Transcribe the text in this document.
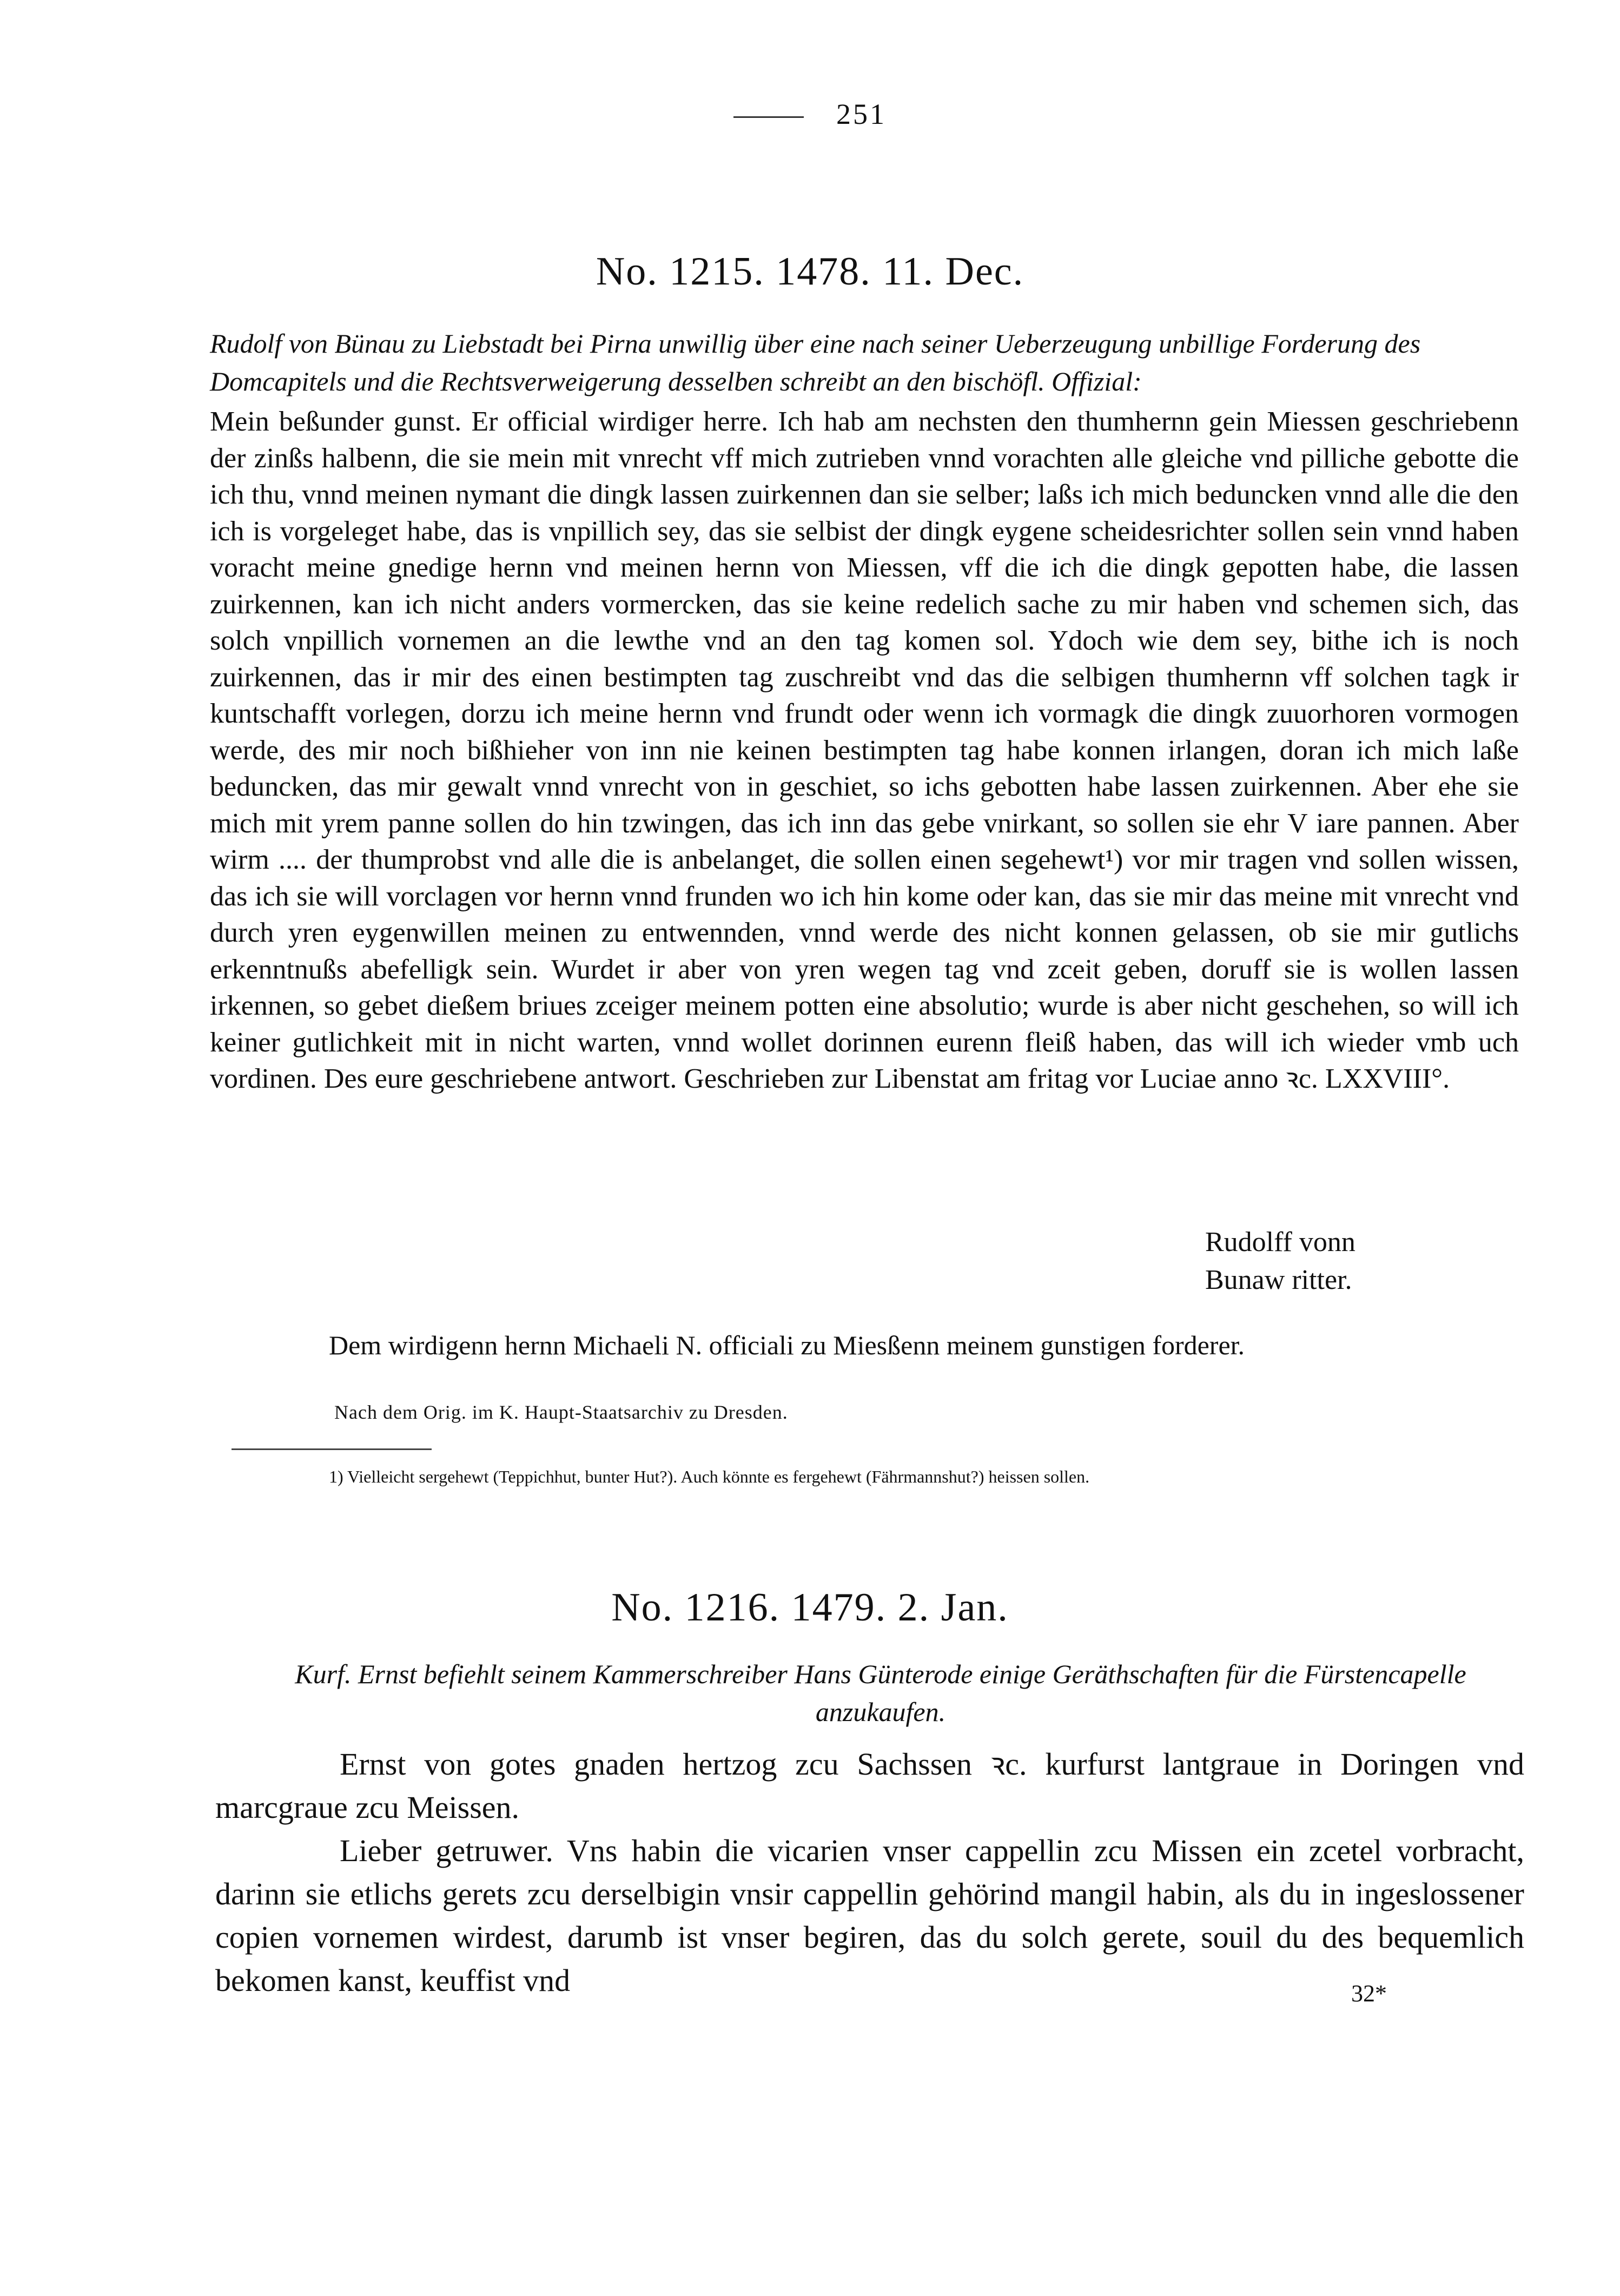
251
No. 1215. 1478. 11. Dec.
Rudolf von Bünau zu Liebstadt bei Pirna unwillig über eine nach seiner Ueberzeugung unbillige Forderung des Domcapitels und die Rechtsverweigerung desselben schreibt an den bischöfl. Offizial:

Mein beßunder gunst. Er official wirdiger herre. Ich hab am nechsten den thumhernn gein Miessen geschriebenn der zinßs halbenn, die sie mein mit vnrecht vff mich zutrieben vnnd vorachten alle gleiche vnd pilliche gebotte die ich thu, vnnd meinen nymant die dingk lassen zuirkennen dan sie selber; laßs ich mich beduncken vnnd alle die den ich is vorgeleget habe, das is vnpillich sey, das sie selbist der dingk eygene scheidesrichter sollen sein vnnd haben voracht meine gnedige hernn vnd meinen hernn von Miessen, vff die ich die dingk gepotten habe, die lassen zuirkennen, kan ich nicht anders vormercken, das sie keine redelich sache zu mir haben vnd schemen sich, das solch vnpillich vornemen an die lewthe vnd an den tag komen sol. Ydoch wie dem sey, bithe ich is noch zuirkennen, das ir mir des einen bestimpten tag zuschreibt vnd das die selbigen thumhernn vff solchen tagk ir kuntschafft vorlegen, dorzu ich meine hernn vnd frundt oder wenn ich vormagk die dingk zuuorhoren vormogen werde, des mir noch bißhieher von inn nie keinen bestimpten tag habe konnen irlangen, doran ich mich laße beduncken, das mir gewalt vnnd vnrecht von in geschiet, so ichs gebotten habe lassen zuirkennen. Aber ehe sie mich mit yrem panne sollen do hin tzwingen, das ich inn das gebe vnirkant, so sollen sie ehr V iare pannen. Aber wirm .... der thumprobst vnd alle die is anbelanget, die sollen einen segehewt¹) vor mir tragen vnd sollen wissen, das ich sie will vorclagen vor hernn vnnd frunden wo ich hin kome oder kan, das sie mir das meine mit vnrecht vnd durch yren eygenwillen meinen zu entwennden, vnnd werde des nicht konnen gelassen, ob sie mir gutlichs erkenntnußs abefelligk sein. Wurdet ir aber von yren wegen tag vnd zceit geben, doruff sie is wollen lassen irkennen, so gebet dießem briues zceiger meinem potten eine absolutio; wurde is aber nicht geschehen, so will ich keiner gutlichkeit mit in nicht warten, vnnd wollet dorinnen eurenn fleiß haben, das will ich wieder vmb uch vordinen. Des eure geschriebene antwort. Geschrieben zur Libenstat am fritag vor Luciae anno ꝛc. LXXVIII°.

Rudolff vonn
Bunaw ritter.
Dem wirdigenn hernn Michaeli N. officiali zu Miesßenn meinem gunstigen forderer.
Nach dem Orig. im K. Haupt-Staatsarchiv zu Dresden.
1) Vielleicht sergehewt (Teppichhut, bunter Hut?). Auch könnte es fergehewt (Fährmannshut?) heissen sollen.
No. 1216. 1479. 2. Jan.
Kurf. Ernst befiehlt seinem Kammerschreiber Hans Günterode einige Geräthschaften für die Fürstencapelle anzukaufen.

Ernst von gotes gnaden hertzog zcu Sachssen ꝛc. kurfurst lantgraue in Doringen vnd marcgraue zcu Meissen.

Lieber getruwer. Vns habin die vicarien vnser cappellin zcu Missen ein zcetel vorbracht, darinn sie etlichs gerets zcu derselbigin vnsir cappellin gehörind mangil habin, als du in ingeslossener copien vornemen wirdest, darumb ist vnser begiren, das du solch gerete, souil du des bequemlich bekomen kanst, keuffist vnd	32*
